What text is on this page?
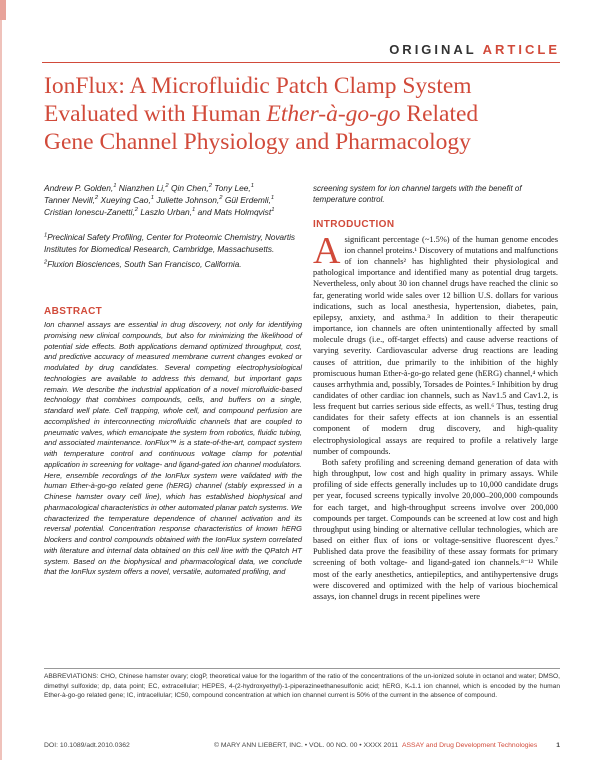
ORIGINAL ARTICLE
IonFlux: A Microfluidic Patch Clamp System
Evaluated with Human Ether-à-go-go Related
Gene Channel Physiology and Pharmacology
Andrew P. Golden,$^1$ Nianzhen Li,$^2$ Qin Chen,$^2$ Tony Lee,$^1$
Tanner Nevill,$^2$ Xueying Cao,$^1$ Juliette Johnson,$^2$ Gül Erdemli,$^1$
Cristian Ionescu-Zanetti,$^2$ Laszlo Urban,$^1$ and Mats Holmqvist$^1$

$^1$Preclinical Safety Profiling, Center for Proteomic Chemistry, Novartis Institutes for Biomedical Research, Cambridge, Massachusetts.

$^2$Fluxion Biosciences, South San Francisco, California.

ABSTRACT
Ion channel assays are essential in drug discovery, not only for identifying promising new clinical compounds, but also for minimizing the likelihood of potential side effects. Both applications demand optimized throughput, cost, and predictive accuracy of measured membrane current changes evoked or modulated by drug candidates. Several competing electrophysiological technologies are available to address this demand, but important gaps remain. We describe the industrial application of a novel microfluidic-based technology that combines compounds, cells, and buffers on a single, standard well plate. Cell trapping, whole cell, and compound perfusion are accomplished in interconnecting microfluidic channels that are coupled to pneumatic valves, which emancipate the system from robotics, fluidic tubing, and associated maintenance. IonFlux™ is a state-of-the-art, compact system with temperature control and continuous voltage clamp for potential application in screening for voltage- and ligand-gated ion channel modulators. Here, ensemble recordings of the IonFlux system were validated with the human Ether-à-go-go related gene (hERG) channel (stably expressed in a Chinese hamster ovary cell line), which has established biophysical and pharmacological characteristics in other automated planar patch systems. We characterized the temperature dependence of channel activation and its reversal potential. Concentration response characteristics of known hERG blockers and control compounds obtained with the IonFlux system correlated with literature and internal data obtained on this cell line with the QPatch HT system. Based on the biophysical and pharmacological data, we conclude that the IonFlux system offers a novel, versatile, automated profiling, and
screening system for ion channel targets with the benefit of temperature control.
INTRODUCTION

Asignificant percentage (~1.5%) of the human genome encodes ion channel proteins.¹ Discovery of mutations and malfunctions of ion channels² has highlighted their physiological and pathological importance and identified many as potential drug targets. Nevertheless, only about 30 ion channel drugs have reached the clinic so far, generating world wide sales over 12 billion U.S. dollars for various indications, such as local anesthesia, hypertension, diabetes, pain, epilepsy, anxiety, and asthma.³ In addition to their therapeutic importance, ion channels are often unintentionally affected by small molecule drugs (i.e., off-target effects) and cause adverse reactions of varying severity. Cardiovascular adverse drug reactions are leading causes of attrition, due primarily to the inhibition of the highly promiscuous human Ether-à-go-go related gene (hERG) channel,⁴ which causes arrhythmia and, possibly, Torsades de Pointes.⁵ Inhibition by drug candidates of other cardiac ion channels, such as Nav1.5 and Cav1.2, is less frequent but carries serious side effects, as well.⁶ Thus, testing drug candidates for their safety effects at ion channels is an essential component of modern drug discovery, and high-quality electrophysiological assays are required to profile a relatively large number of compounds.

Both safety profiling and screening demand generation of data with high throughput, low cost and high quality in primary assays. While profiling of side effects generally includes up to 10,000 candidate drugs per year, focused screens typically involve 20,000–200,000 compounds for each target, and high-throughput screens involve over 200,000 compounds per target. Compounds can be screened at low cost and high throughput using binding or alternative cellular technologies, which are based on either flux of ions or voltage-sensitive fluorescent dyes.⁷ Published data prove the feasibility of these assay formats for primary screening of both voltage- and ligand-gated ion channels.⁸⁻¹² While most of the early anesthetics, antiepileptics, and antihypertensive drugs were discovered and optimized with the help of various biochemical assays, ion channel drugs in recent pipelines were

ABBREVIATIONS: CHO, Chinese hamster ovary; clogP, theoretical value for the logarithm of the ratio of the concentrations of the un-ionized solute in octanol and water; DMSO, dimethyl sulfoxide; dp, data point; EC, extracellular; HEPES, 4-(2-hydroxyethyl)-1-piperazineethanesulfonic acid; hERG, Kₙ1.1 ion channel, which is encoded by the human Ether-à-go-go related gene; IC, intracellular; IC50, compound concentration at which ion channel current is 50% of the current in the absence of compound.
DOI: 10.1089/adt.2010.0362	© MARY ANN LIEBERT, INC. • VOL. 00 NO. 00 • XXXX 2011 ASSAY and Drug Development Technologies	1
